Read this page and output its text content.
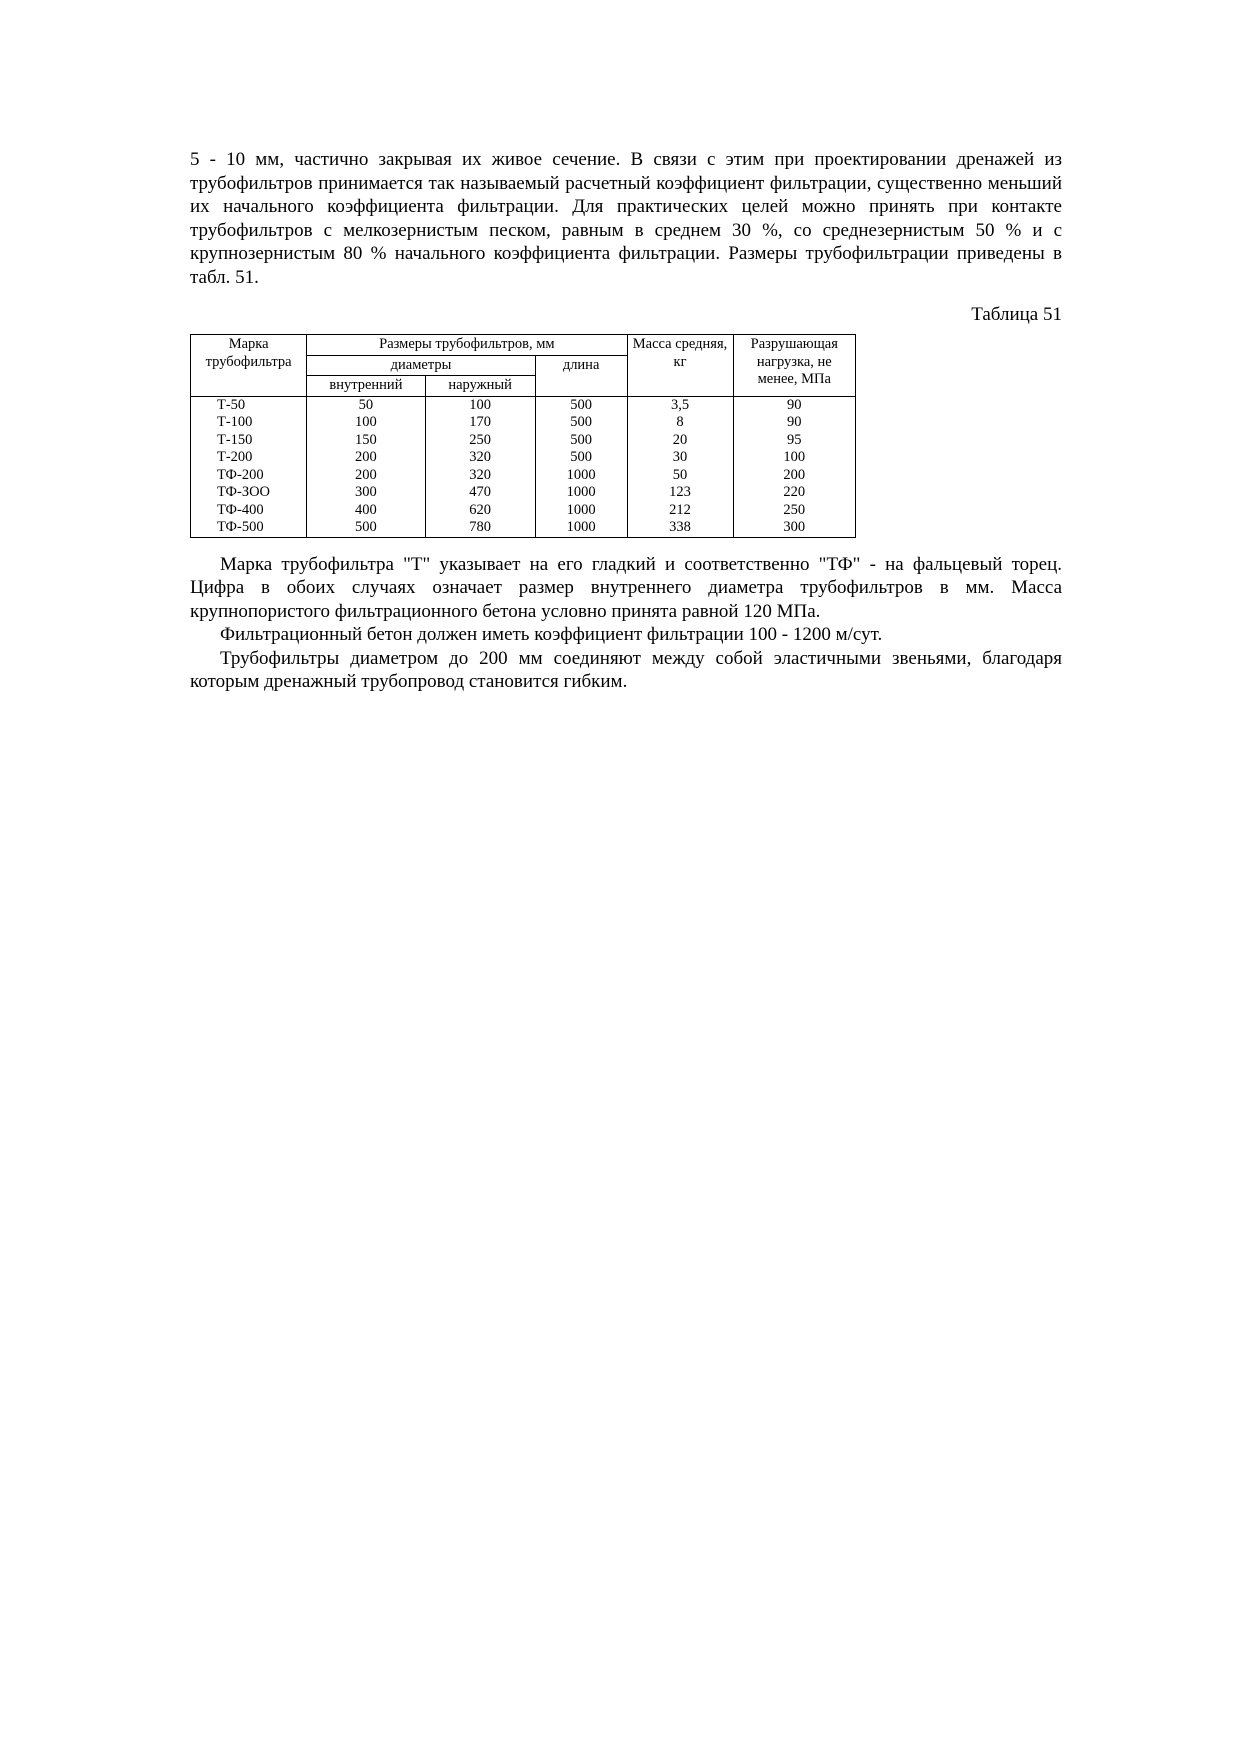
5 - 10 мм, частично закрывая их живое сечение. В связи с этим при проектировании дренажей из трубофильтров принимается так называемый расчетный коэффициент фильтрации, существенно меньший их начального коэффициента фильтрации. Для практических целей можно принять при контакте трубофильтров с мелкозернистым песком, равным в среднем 30 %, со среднезернистым 50 % и с крупнозернистым 80 % начального коэффициента фильтрации. Размеры трубофильтрации приведены в табл. 51.

Таблица 51

Марка трубофильтра	Размеры трубофильтров, мм			Масса средняя, кг	Разрушающая нагрузка, не менее, МПа
	диаметры		длина		
	внутренний	наружный			
Т-50	50	100	500	3,5	90
Т-100	100	170	500	8	90
Т-150	150	250	500	20	95
Т-200	200	320	500	30	100
ТФ-200	200	320	1000	50	200
ТФ-ЗОО	300	470	1000	123	220
ТФ-400	400	620	1000	212	250
ТФ-500	500	780	1000	338	300

Марка трубофильтра "Т" указывает на его гладкий и соответственно "ТФ" - на фальцевый торец. Цифра в обоих случаях означает размер внутреннего диаметра трубофильтров в мм. Масса крупнопористого фильтрационного бетона условно принята равной 120 МПа.

Фильтрационный бетон должен иметь коэффициент фильтрации 100 - 1200 м/сут.

Трубофильтры диаметром до 200 мм соединяют между собой эластичными звеньями, благодаря которым дренажный трубопровод становится гибким.
